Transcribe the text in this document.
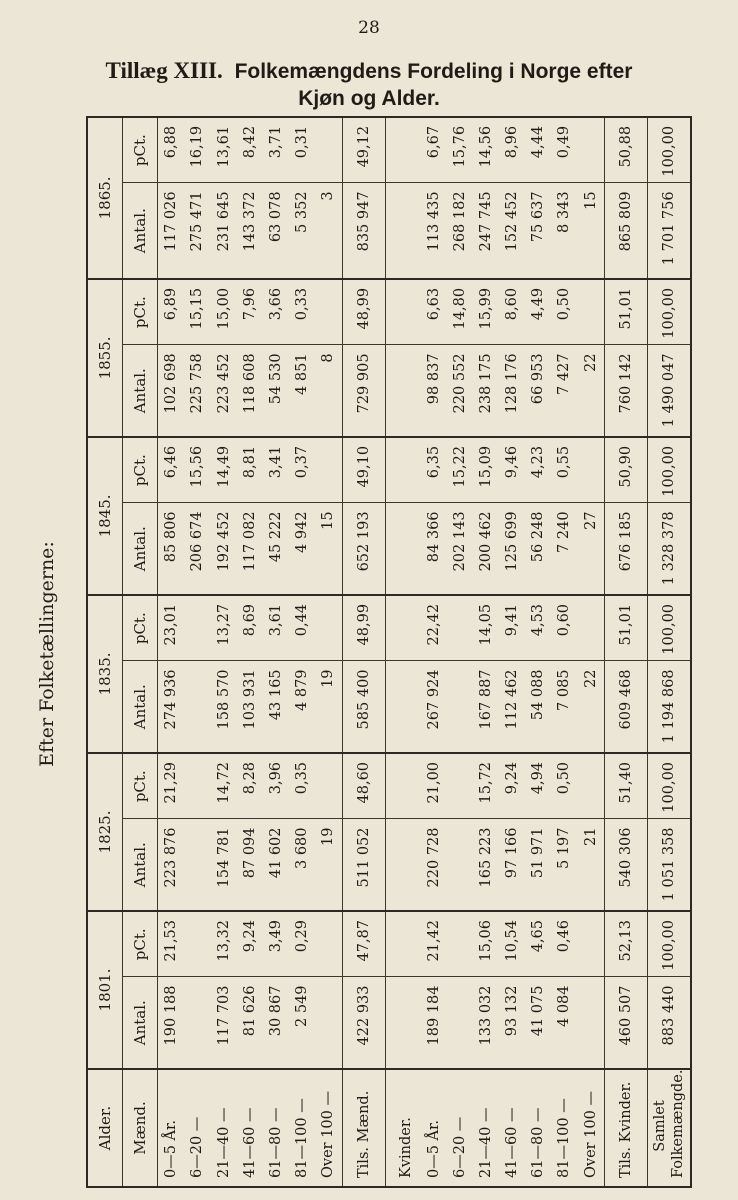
28
Tillæg XIII. Folkemængdens Fordeling i Norge efter
Kjøn og Alder.
Efter Folketællingerne:
Alder.	1801.		1825.		1835.		1845.		1855.		1865.	
Mænd.	Antal.	pCt.	Antal.	pCt.	Antal.	pCt.	Antal.	pCt.	Antal.	pCt.	Antal.	pCt.
0—5 År.	190 188	21,53	223 876	21,29	274 936	23,01	85 806	6,46	102 698	6,89	117 026	6,88
6—20 —							206 674	15,56	225 758	15,15	275 471	16,19
21—40 —	117 703	13,32	154 781	14,72	158 570	13,27	192 452	14,49	223 452	15,00	231 645	13,61
41—60 —	81 626	9,24	87 094	8,28	103 931	8,69	117 082	8,81	118 608	7,96	143 372	8,42
61—80 —	30 867	3,49	41 602	3,96	43 165	3,61	45 222	3,41	54 530	3,66	63 078	3,71
81—100 —	2 549	0,29	3 680	0,35	4 879	0,44	4 942	0,37	4 851	0,33	5 352	0,31
Over 100 —			19		19		15		8		3	
Tils. Mænd.	422 933	47,87	511 052	48,60	585 400	48,99	652 193	49,10	729 905	48,99	835 947	49,12
Kvinder.												
0—5 År.	189 184	21,42	220 728	21,00	267 924	22,42	84 366	6,35	98 837	6,63	113 435	6,67
6—20 —							202 143	15,22	220 552	14,80	268 182	15,76
21—40 —	133 032	15,06	165 223	15,72	167 887	14,05	200 462	15,09	238 175	15,99	247 745	14,56
41—60 —	93 132	10,54	97 166	9,24	112 462	9,41	125 699	9,46	128 176	8,60	152 452	8,96
61—80 —	41 075	4,65	51 971	4,94	54 088	4,53	56 248	4,23	66 953	4,49	75 637	4,44
81—100 —	4 084	0,46	5 197	0,50	7 085	0,60	7 240	0,55	7 427	0,50	8 343	0,49
Over 100 —			21		22		27		22		15	
Tils. Kvinder.	460 507	52,13	540 306	51,40	609 468	51,01	676 185	50,90	760 142	51,01	865 809	50,88

Samlet Folkemængde.	883 440	100,00	1 051 358	100,00	1 194 868	100,00	1 328 378	100,00	1 490 047	100,00	1 701 756	100,00
